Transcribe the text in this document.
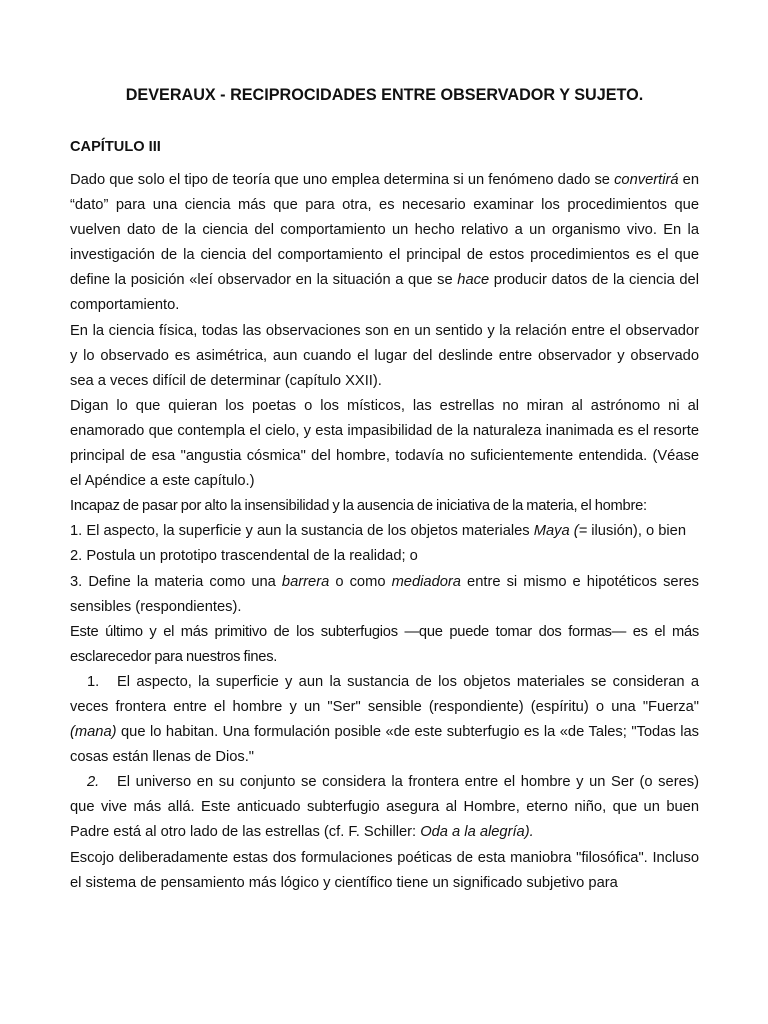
DEVERAUX - RECIPROCIDADES ENTRE OBSERVADOR Y SUJETO.
CAPÍTULO III

Dado que solo el tipo de teoría que uno emplea determina si un fenómeno dado se convertirá en “dato” para una ciencia más que para otra, es necesario examinar los procedimientos que vuelven dato de la ciencia del comportamiento un hecho relativo a un organismo vivo. En la investigación de la ciencia del comportamiento el principal de estos procedimientos es el que define la posición «leí observador en la situación a que se hace producir datos de la ciencia del comportamiento.

En la ciencia física, todas las observaciones son en un sentido y la relación entre el observador y lo observado es asimétrica, aun cuando el lugar del deslinde entre observador y observado sea a veces difícil de determinar (capítulo XXII).

Digan lo que quieran los poetas o los místicos, las estrellas no miran al astrónomo ni al enamorado que contempla el cielo, y esta impasibilidad de la naturaleza inanimada es el resorte principal de esa "angustia cósmica" del hombre, todavía no suficientemente entendida. (Véase el Apéndice a este capítulo.)

Incapaz de pasar por alto la insensibilidad y la ausencia de iniciativa de la materia, el hombre:

1. El aspecto, la superficie y aun la sustancia de los objetos materiales Maya (= ilusión), o bien

2. Postula un prototipo trascendental de la realidad; o

3. Define la materia como una barrera o como mediadora entre si mismo e hipotéticos seres sensibles (respondientes).

Este último y el más primitivo de los subterfugios —que puede tomar dos formas— es el más esclarecedor para nuestros fines.

1. El aspecto, la superficie y aun la sustancia de los objetos materiales se consideran a veces frontera entre el hombre y un "Ser" sensible (respondiente) (espíritu) o una "Fuerza" (mana) que lo habitan. Una formulación posible «de este subterfugio es la «de Tales; "Todas las cosas están llenas de Dios."

2. El universo en su conjunto se considera la frontera entre el hombre y un Ser (o seres) que vive más allá. Este anticuado subterfugio asegura al Hombre, eterno niño, que un buen Padre está al otro lado de las estrellas (cf. F. Schiller: Oda a la alegría).

Escojo deliberadamente estas dos formulaciones poéticas de esta maniobra "filosófica". Incluso el sistema de pensamiento más lógico y científico tiene un significado subjetivo para
